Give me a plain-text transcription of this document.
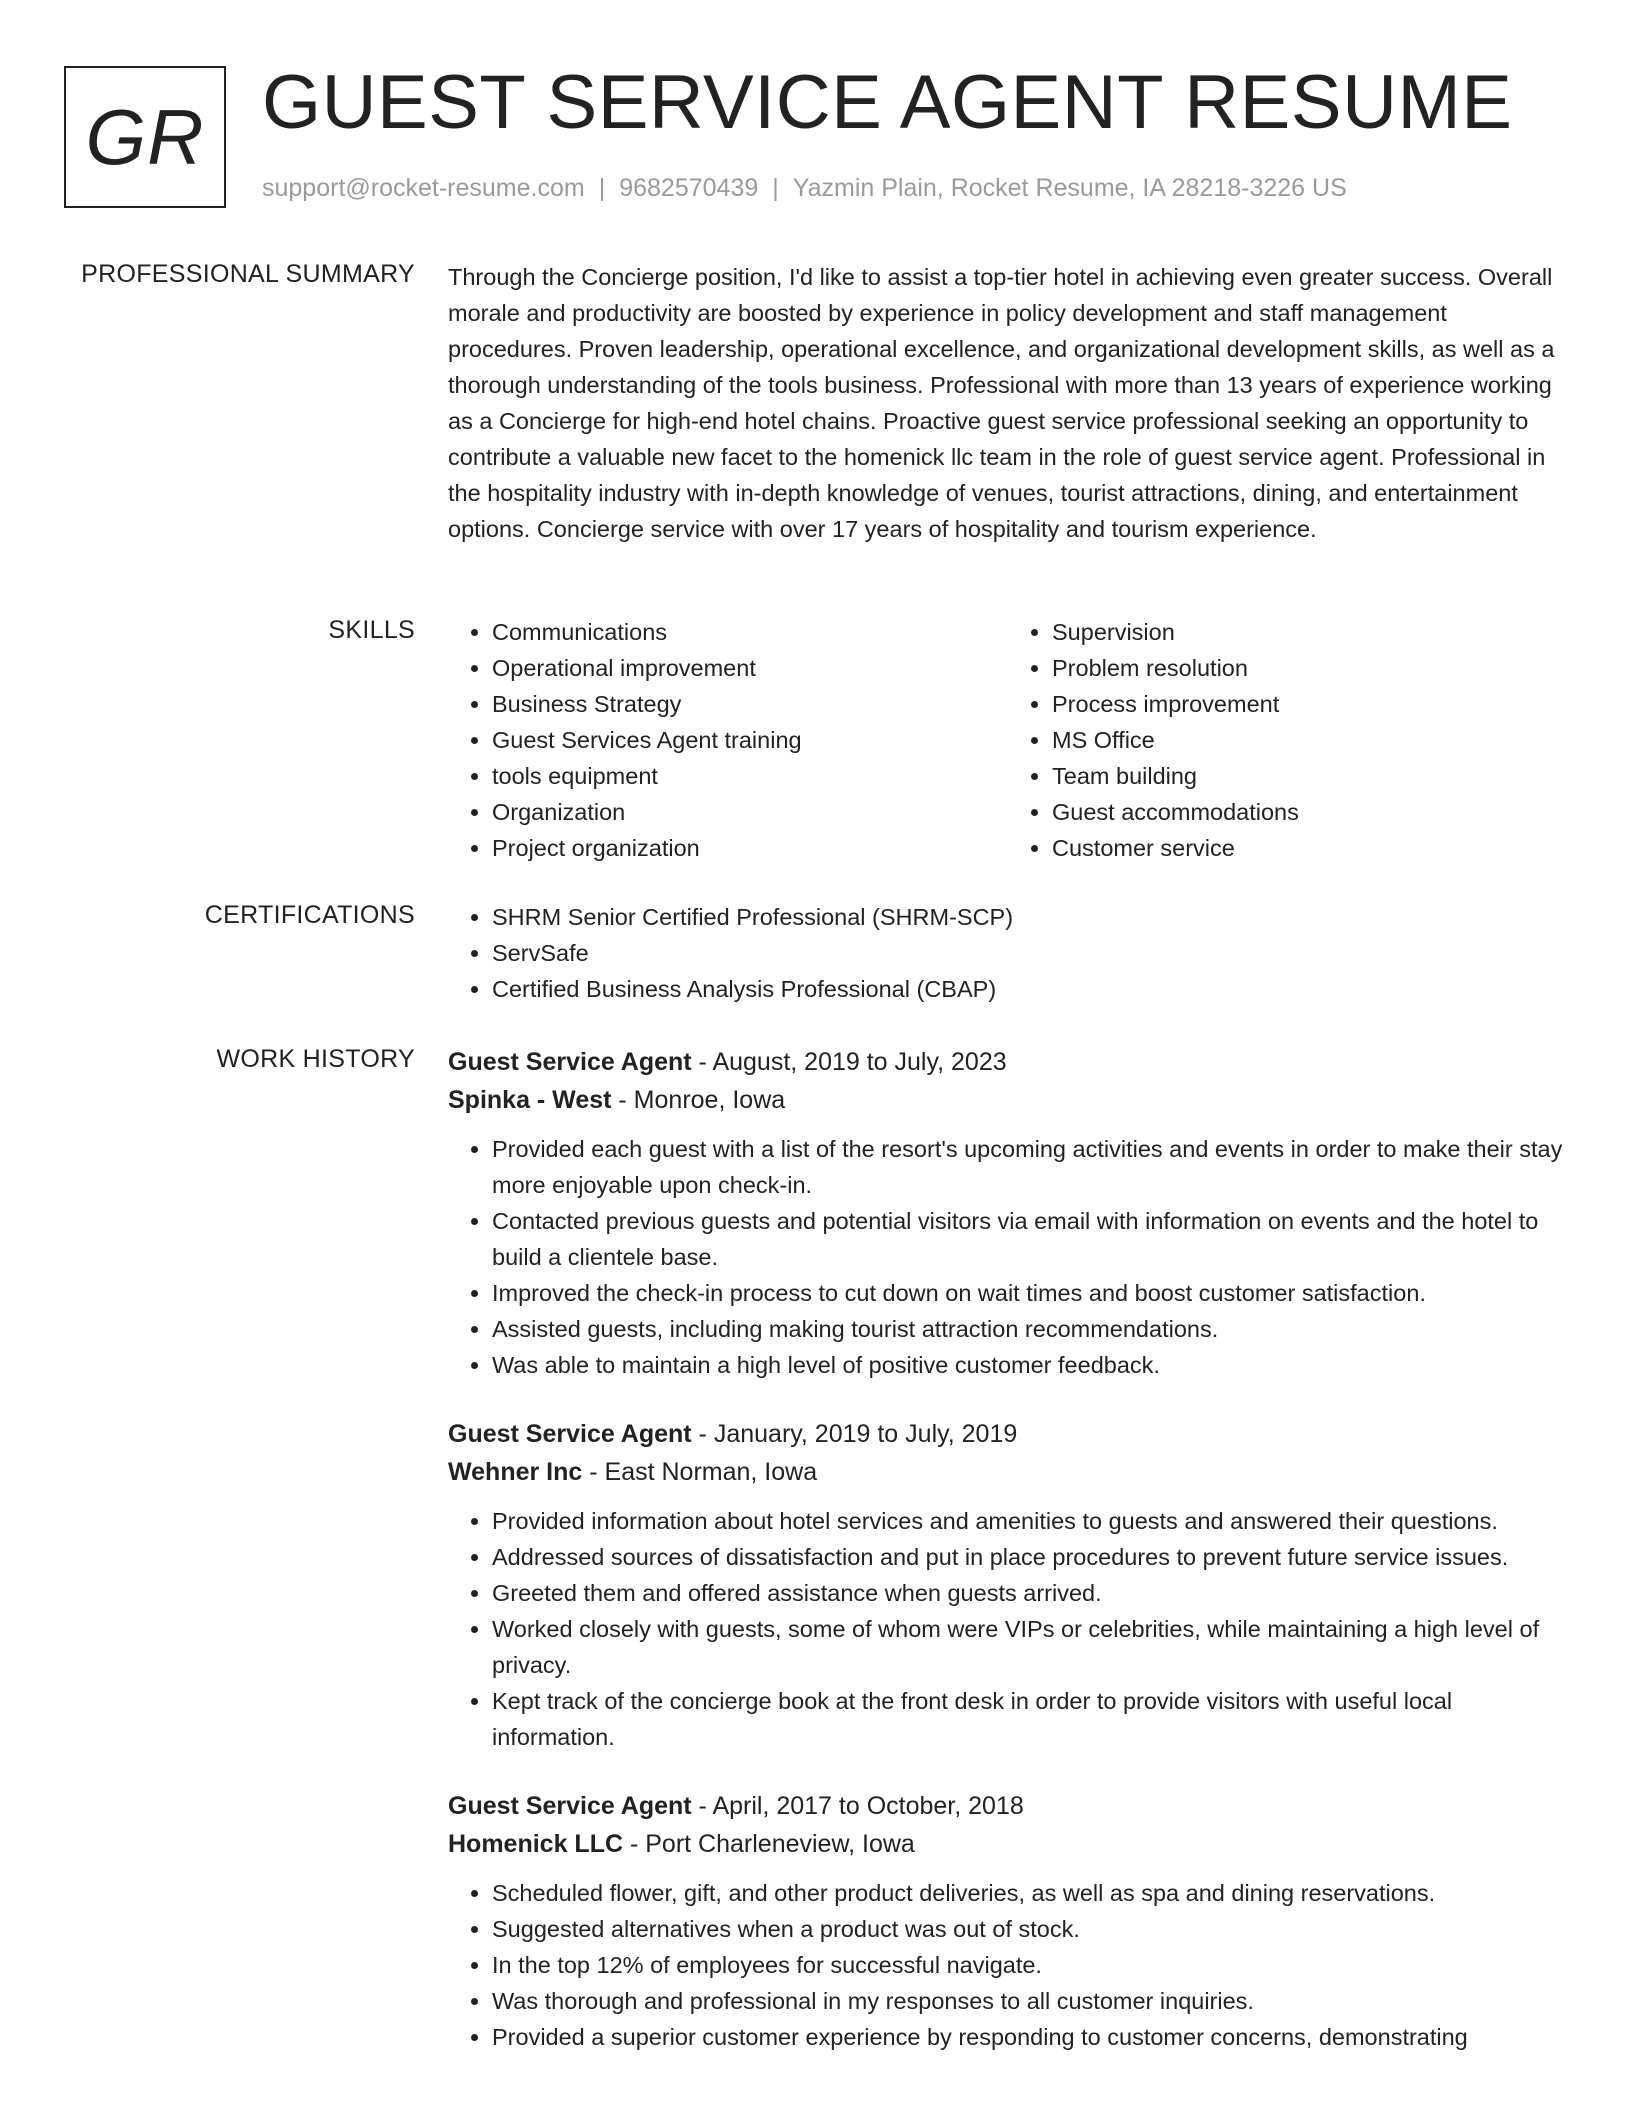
GR GUEST SERVICE AGENT RESUME
support@rocket-resume.com | 9682570439 | Yazmin Plain, Rocket Resume, IA 28218-3226 US
PROFESSIONAL SUMMARY Through the Concierge position, I'd like to assist a top-tier hotel in achieving even greater success. Overall morale and productivity are boosted by experience in policy development and staff management procedures. Proven leadership, operational excellence, and organizational development skills, as well as a thorough understanding of the tools business. Professional with more than 13 years of experience working as a Concierge for high-end hotel chains. Proactive guest service professional seeking an opportunity to contribute a valuable new facet to the homenick llc team in the role of guest service agent. Professional in the hospitality industry with in-depth knowledge of venues, tourist attractions, dining, and entertainment options. Concierge service with over 17 years of hospitality and tourism experience.

SKILLS	• Communications
• Operational improvement
• Business Strategy
• Guest Services Agent training
• tools equipment
• Organization
• Project organization
• Supervision
• Problem resolution
• Process improvement
• MS Office
• Team building
• Guest accommodations
• Customer service
CERTIFICATIONS	• SHRM Senior Certified Professional (SHRM-SCP)
• ServSafe
• Certified Business Analysis Professional (CBAP)
WORK HISTORY Guest Service Agent - August, 2019 to July, 2023
Spinka - West - Monroe, Iowa
• Provided each guest with a list of the resort's upcoming activities and events in order to make their stay more enjoyable upon check-in.
• Contacted previous guests and potential visitors via email with information on events and the hotel to build a clientele base.
• Improved the check-in process to cut down on wait times and boost customer satisfaction.
• Assisted guests, including making tourist attraction recommendations.
• Was able to maintain a high level of positive customer feedback.
Guest Service Agent - January, 2019 to July, 2019
Wehner Inc - East Norman, Iowa
• Provided information about hotel services and amenities to guests and answered their questions.
• Addressed sources of dissatisfaction and put in place procedures to prevent future service issues.
• Greeted them and offered assistance when guests arrived.
• Worked closely with guests, some of whom were VIPs or celebrities, while maintaining a high level of privacy.
• Kept track of the concierge book at the front desk in order to provide visitors with useful local information.
Guest Service Agent - April, 2017 to October, 2018
Homenick LLC - Port Charleneview, Iowa
• Scheduled flower, gift, and other product deliveries, as well as spa and dining reservations.
• Suggested alternatives when a product was out of stock.
• In the top 12% of employees for successful navigate.
• Was thorough and professional in my responses to all customer inquiries.
• Provided a superior customer experience by responding to customer concerns, demonstrating
